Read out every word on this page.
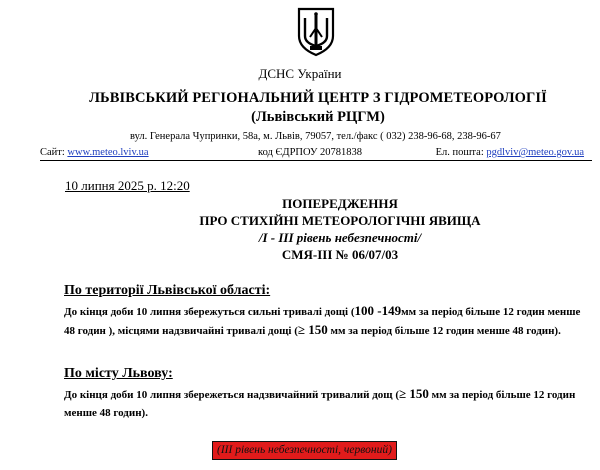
ДСНС України
ЛЬВІВСЬКИЙ РЕГІОНАЛЬНИЙ ЦЕНТР З ГІДРОМЕТЕОРОЛОГІЇ
(Львівський РЦГМ)
вул. Генерала Чупринки, 58а, м. Львів, 79057, тел./факс ( 032) 238-96-68, 238-96-67
Сайт: www.meteo.lviv.ua	код ЄДРПОУ 20781838	Ел. пошта: pgdlviv@meteo.gov.ua
10 липня 2025 р. 12:20
ПОПЕРЕДЖЕННЯ
ПРО СТИХІЙНІ МЕТЕОРОЛОГІЧНІ ЯВИЩА
/І - ІІІ рівень небезпечності/
СМЯ-ІІІ № 06/07/03
По території Львівської області:
До кінця доби 10 липня збережуться сильні тривалі дощі (100 -149мм за період більше 12 годин менше 48 годин ), місцями надзвичайні тривалі дощі (≥ 150 мм за період більше 12 годин менше 48 годин).
По місту Львову:
До кінця доби 10 липня збережеться надзвичайний тривалий дощ (≥ 150 мм за період більше 12 годин менше 48 годин).
(ІІІ рівень небезпечності, червоний)
